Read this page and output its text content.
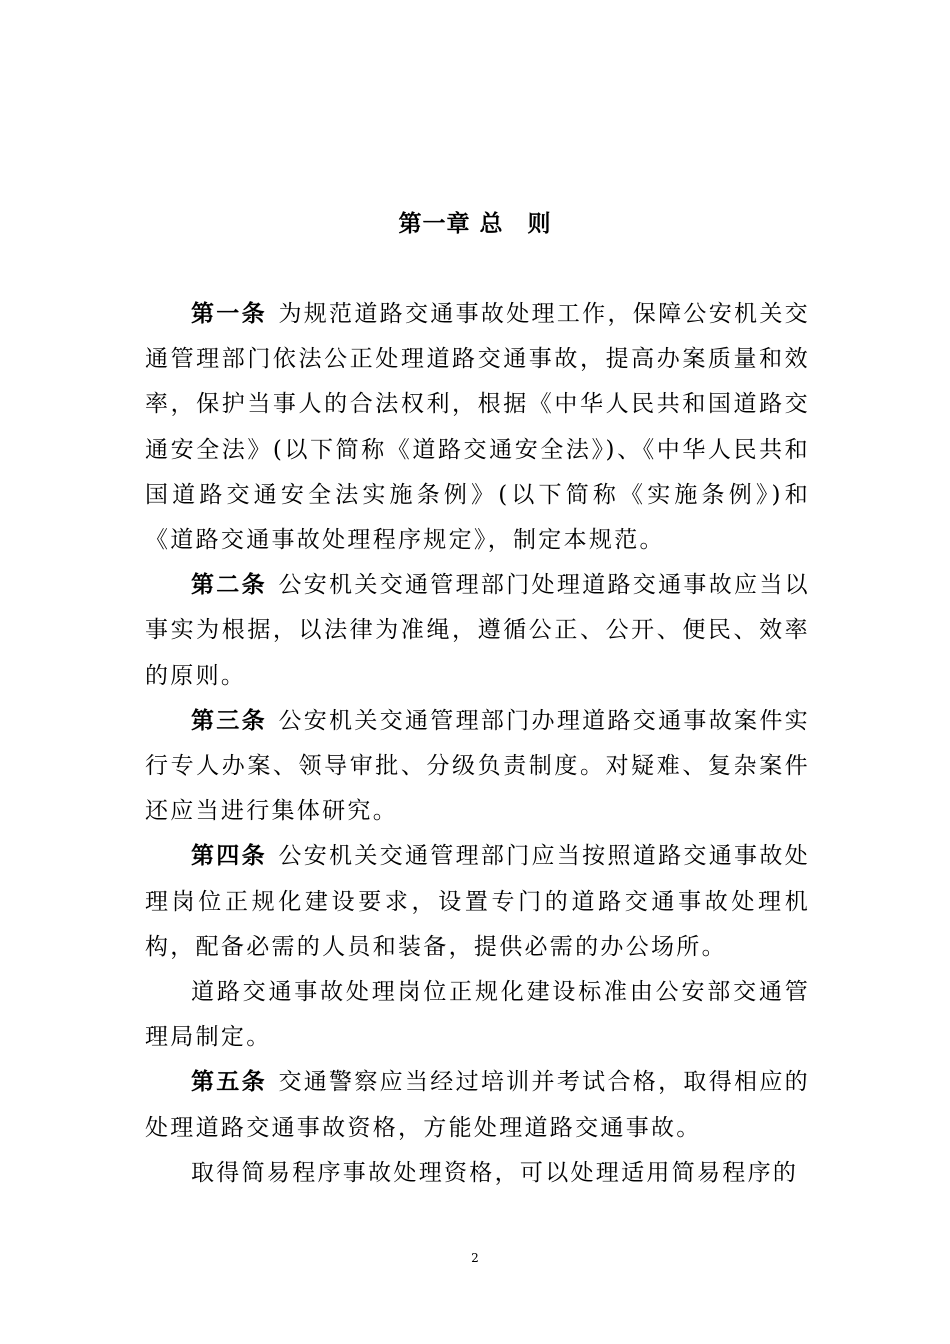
第一章 总　则

第一条 为规范道路交通事故处理工作，保障公安机关交通管理部门依法公正处理道路交通事故，提高办案质量和效率，保护当事人的合法权利，根据《中华人民共和国道路交通安全法》(以下简称《道路交通安全法》)、《中华人民共和国道路交通安全法实施条例》(以下简称《实施条例》)和《道路交通事故处理程序规定》，制定本规范。

第二条 公安机关交通管理部门处理道路交通事故应当以事实为根据，以法律为准绳，遵循公正、公开、便民、效率的原则。

第三条 公安机关交通管理部门办理道路交通事故案件实行专人办案、领导审批、分级负责制度。对疑难、复杂案件还应当进行集体研究。

第四条 公安机关交通管理部门应当按照道路交通事故处理岗位正规化建设要求，设置专门的道路交通事故处理机构，配备必需的人员和装备，提供必需的办公场所。

道路交通事故处理岗位正规化建设标准由公安部交通管理局制定。

第五条 交通警察应当经过培训并考试合格，取得相应的处理道路交通事故资格，方能处理道路交通事故。

取得简易程序事故处理资格，可以处理适用简易程序的

2
